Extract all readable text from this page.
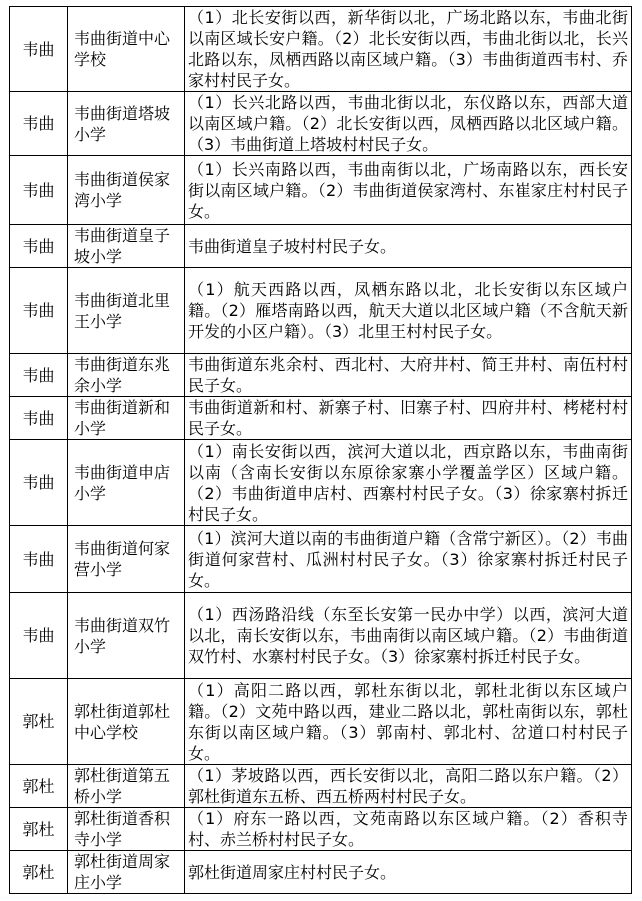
韦曲	韦曲街道中心学校	（1）北长安街以西，新华街以北，广场北路以东，韦曲北街以南区域长安户籍。（2）北长安街以西，韦曲北街以北，长兴北路以东，凤栖西路以南区域户籍。（3）韦曲街道西韦村、乔家村村民子女。
韦曲	韦曲街道塔坡小学	（1）长兴北路以西，韦曲北街以北，东仪路以东，西部大道以南区域户籍。（2）北长安街以西，凤栖西路以北区域户籍。（3）韦曲街道上塔坡村村民子女。
韦曲	韦曲街道侯家湾小学	（1）长兴南路以西，韦曲南街以北，广场南路以东，西长安街以南区域户籍。（2）韦曲街道侯家湾村、东崔家庄村村民子女。
韦曲	韦曲街道皇子坡小学	韦曲街道皇子坡村村民子女。
韦曲	韦曲街道北里王小学	（1）航天西路以西，凤栖东路以北，北长安街以东区域户籍。（2）雁塔南路以西，航天大道以北区域户籍（不含航天新开发的小区户籍）。（3）北里王村村民子女。
韦曲	韦曲街道东兆余小学	韦曲街道东兆余村、西北村、大府井村、简王井村、南伍村村民子女。
韦曲	韦曲街道新和小学	韦曲街道新和村、新寨子村、旧寨子村、四府井村、栲栳村村民子女。
韦曲	韦曲街道申店小学	（1）南长安街以西，滨河大道以北，西京路以东，韦曲南街以南（含南长安街以东原徐家寨小学覆盖学区）区域户籍。（2）韦曲街道申店村、西寨村村民子女。（3）徐家寨村拆迁村民子女。
韦曲	韦曲街道何家营小学	（1）滨河大道以南的韦曲街道户籍（含常宁新区）。（2）韦曲街道何家营村、瓜洲村村民子女。（3）徐家寨村拆迁村民子女。
韦曲	韦曲街道双竹小学	（1）西汤路沿线（东至长安第一民办中学）以西，滨河大道以北，南长安街以东，韦曲南街以南区域户籍。（2）韦曲街道双竹村、水寨村村民子女。（3）徐家寨村拆迁村民子女。
郭杜	郭杜街道郭杜中心学校	（1）高阳二路以西，郭杜东街以北，郭杜北街以东区域户籍。（2）文苑中路以西，建业二路以北，郭杜南街以东，郭杜东街以南区域户籍。（3）郭南村、郭北村、岔道口村村民子女。
郭杜	郭杜街道第五桥小学	（1）茅坡路以西，西长安街以北，高阳二路以东户籍。（2）郭杜街道东五桥、西五桥两村村民子女。
郭杜	郭杜街道香积寺小学	（1）府东一路以西，文苑南路以东区域户籍。（2）香积寺村、赤兰桥村村民子女。
郭杜	郭杜街道周家庄小学	郭杜街道周家庄村村民子女。
